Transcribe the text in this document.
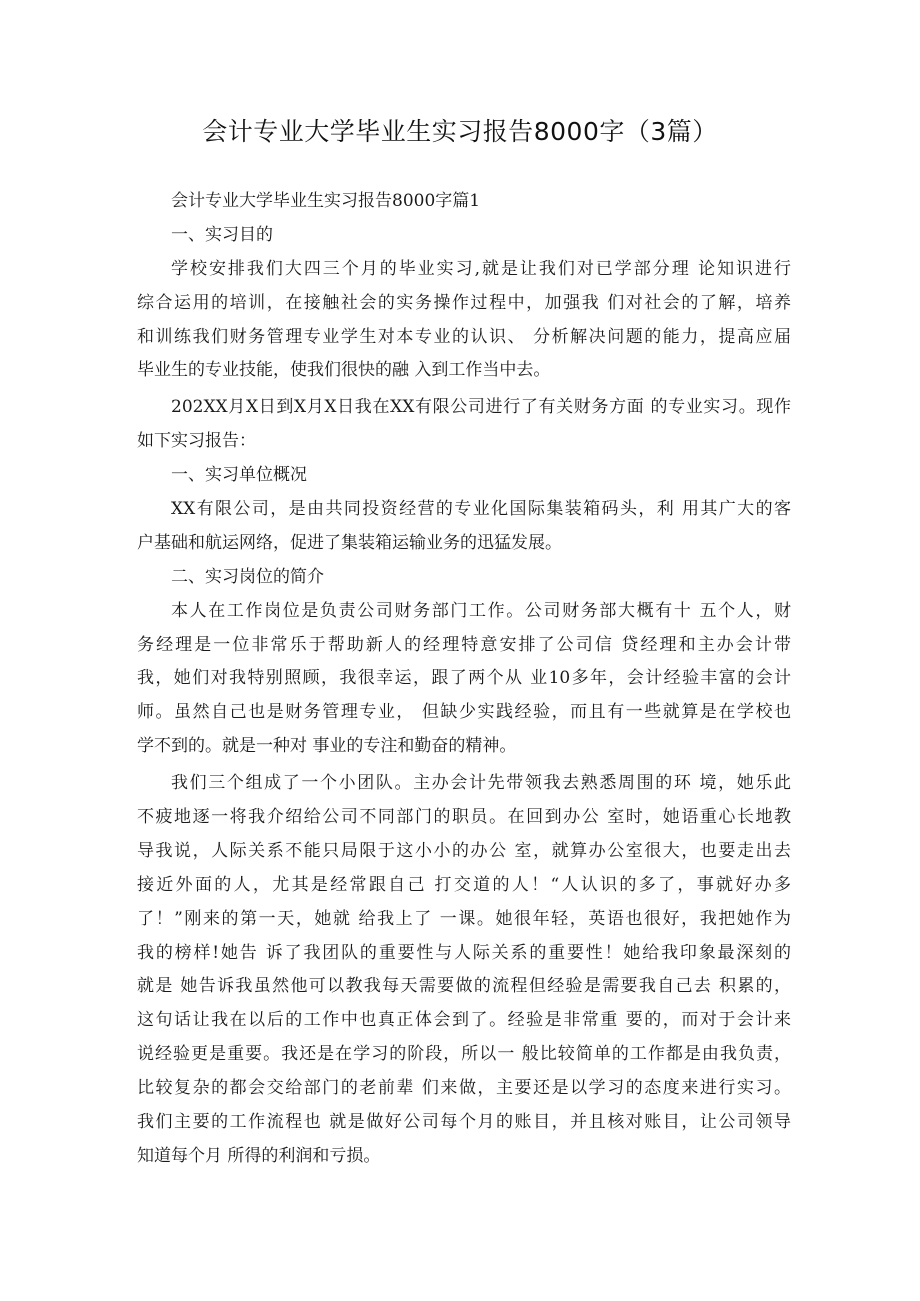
会计专业大学毕业生实习报告8000字（3篇）
会计专业大学毕业生实习报告8000字篇1
一、实习目的
学校安排我们大四三个月的毕业实习,就是让我们对已学部分理 论知识进行
综合运用的培训，在接触社会的实务操作过程中，加强我 们对社会的了解，培养
和训练我们财务管理专业学生对本专业的认识、 分析解决问题的能力，提高应届
毕业生的专业技能，使我们很快的融 入到工作当中去。
202XX月X日到X月X日我在XX有限公司进行了有关财务方面 的专业实习。现作
如下实习报告：
一、实习单位概况
XX有限公司，是由共同投资经营的专业化国际集装箱码头，利 用其广大的客
户基础和航运网络，促进了集装箱运输业务的迅猛发展。
二、实习岗位的简介
本人在工作岗位是负责公司财务部门工作。公司财务部大概有十 五个人，财
务经理是一位非常乐于帮助新人的经理特意安排了公司信 贷经理和主办会计带
我，她们对我特别照顾，我很幸运，跟了两个从 业10多年，会计经验丰富的会计
师。虽然自己也是财务管理专业， 但缺少实践经验，而且有一些就算是在学校也
学不到的。就是一种对 事业的专注和勤奋的精神。
我们三个组成了一个小团队。主办会计先带领我去熟悉周围的环 境，她乐此
不疲地逐一将我介绍给公司不同部门的职员。在回到办公 室时，她语重心长地教
导我说，人际关系不能只局限于这小小的办公 室，就算办公室很大，也要走出去
接近外面的人，尤其是经常跟自己 打交道的人！“人认识的多了，事就好办多
了！”刚来的第一天，她就 给我上了 一课。她很年轻，英语也很好，我把她作为
我的榜样!她告 诉了我团队的重要性与人际关系的重要性！她给我印象最深刻的
就是 她告诉我虽然他可以教我每天需要做的流程但经验是需要我自己去 积累的，
这句话让我在以后的工作中也真正体会到了。经验是非常重 要的，而对于会计来
说经验更是重要。我还是在学习的阶段，所以一 般比较简单的工作都是由我负责，
比较复杂的都会交给部门的老前辈 们来做，主要还是以学习的态度来进行实习。
我们主要的工作流程也 就是做好公司每个月的账目，并且核对账目，让公司领导
知道每个月 所得的利润和亏损。
